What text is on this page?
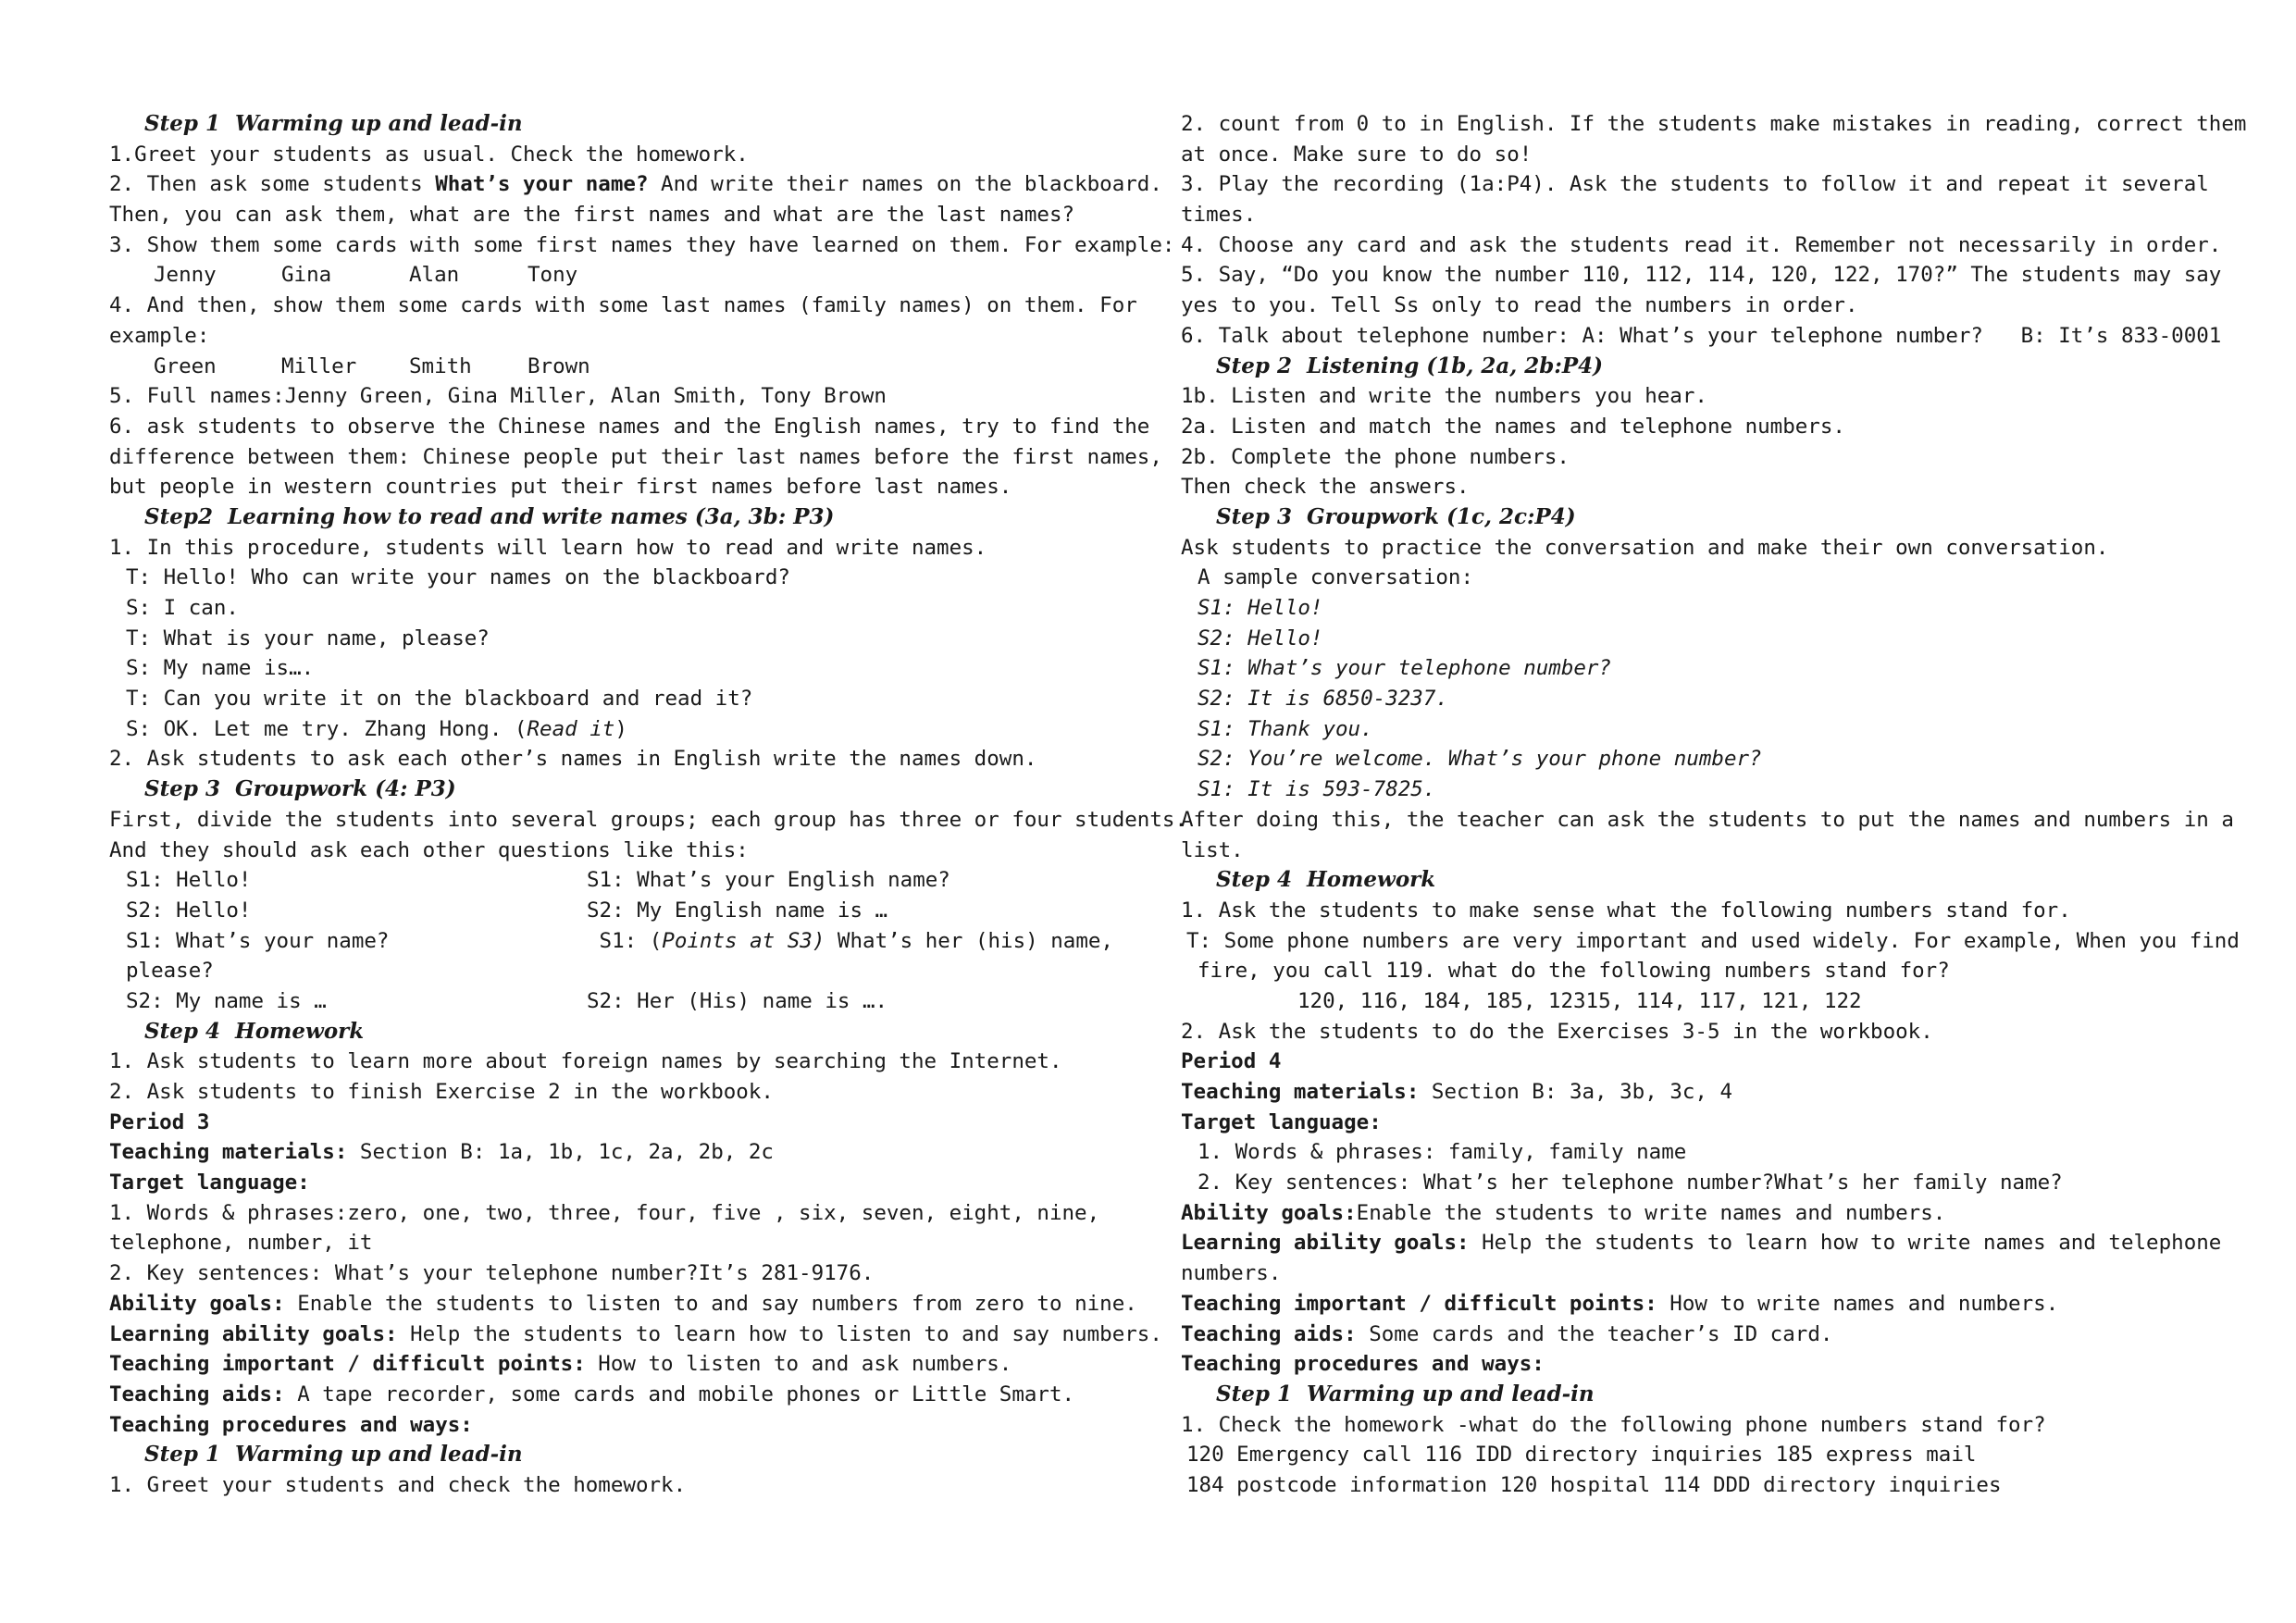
Step 1  Warming up and lead-in
1.Greet your students as usual. Check the homework.
2. Then ask some students What’s your name? And write their names on the blackboard.
Then, you can ask them, what are the first names and what are the last names?
3. Show them some cards with some first names they have learned on them. For example:
Jenny	Gina	Alan	Tony
4. And then, show them some cards with some last names (family names) on them. For
example:
Green	Miller	Smith	Brown
5. Full names:Jenny Green, Gina Miller, Alan Smith, Tony Brown
6. ask students to observe the Chinese names and the English names, try to find the
difference between them: Chinese people put their last names before the first names,
but people in western countries put their first names before last names.
Step2  Learning how to read and write names (3a, 3b: P3)
1. In this procedure, students will learn how to read and write names.
T: Hello! Who can write your names on the blackboard?
S: I can.
T: What is your name, please?
S: My name is….
T: Can you write it on the blackboard and read it?
S: OK. Let me try. Zhang Hong. (Read it)
2. Ask students to ask each other’s names in English write the names down.
Step 3  Groupwork (4: P3)
First, divide the students into several groups; each group has three or four students.
And they should ask each other questions like this:
S1: Hello!	S1: What’s your English name?
S2: Hello!	S2: My English name is …
S1: What’s your name?	S1: (Points at S3) What’s her (his) name,
please?
S2: My name is …	S2: Her (His) name is ….
Step 4  Homework
1. Ask students to learn more about foreign names by searching the Internet.
2. Ask students to finish Exercise 2 in the workbook.
Period 3
Teaching materials: Section B: 1a, 1b, 1c, 2a, 2b, 2c
Target language:
1. Words & phrases:zero, one, two, three, four, five , six, seven, eight, nine,
telephone, number, it
2. Key sentences: What’s your telephone number?It’s 281-9176.
Ability goals: Enable the students to listen to and say numbers from zero to nine.
Learning ability goals: Help the students to learn how to listen to and say numbers.
Teaching important / difficult points: How to listen to and ask numbers.
Teaching aids: A tape recorder, some cards and mobile phones or Little Smart.
Teaching procedures and ways:
Step 1  Warming up and lead-in
1. Greet your students and check the homework.
2. count from 0 to in English. If the students make mistakes in reading, correct them
at once. Make sure to do so!
3. Play the recording (1a:P4). Ask the students to follow it and repeat it several
times.
4. Choose any card and ask the students read it. Remember not necessarily in order.
5. Say, “Do you know the number 110, 112, 114, 120, 122, 170?” The students may say
yes to you. Tell Ss only to read the numbers in order.
6. Talk about telephone number: A: What’s your telephone number?   B: It’s 833-0001
Step 2  Listening (1b, 2a, 2b:P4)
1b. Listen and write the numbers you hear.
2a. Listen and match the names and telephone numbers.
2b. Complete the phone numbers.
Then check the answers.
Step 3  Groupwork (1c, 2c:P4)
Ask students to practice the conversation and make their own conversation.
A sample conversation:
S1: Hello!
S2: Hello!
S1: What’s your telephone number?
S2: It is 6850-3237.
S1: Thank you.
S2: You’re welcome. What’s your phone number?
S1: It is 593-7825.
After doing this, the teacher can ask the students to put the names and numbers in a
list.
Step 4  Homework
1. Ask the students to make sense what the following numbers stand for.
T: Some phone numbers are very important and used widely. For example, When you find
fire, you call 119. what do the following numbers stand for?
120, 116, 184, 185, 12315, 114, 117, 121, 122
2. Ask the students to do the Exercises 3-5 in the workbook.
Period 4
Teaching materials: Section B: 3a, 3b, 3c, 4
Target language:
1. Words & phrases: family, family name
2. Key sentences: What’s her telephone number?What’s her family name?
Ability goals:Enable the students to write names and numbers.
Learning ability goals: Help the students to learn how to write names and telephone
numbers.
Teaching important / difficult points: How to write names and numbers.
Teaching aids: Some cards and the teacher’s ID card.
Teaching procedures and ways:
Step 1  Warming up and lead-in
1. Check the homework -what do the following phone numbers stand for?
120 Emergency call 116 IDD directory inquiries 185 express mail
184 postcode information 120 hospital 114 DDD directory inquiries
